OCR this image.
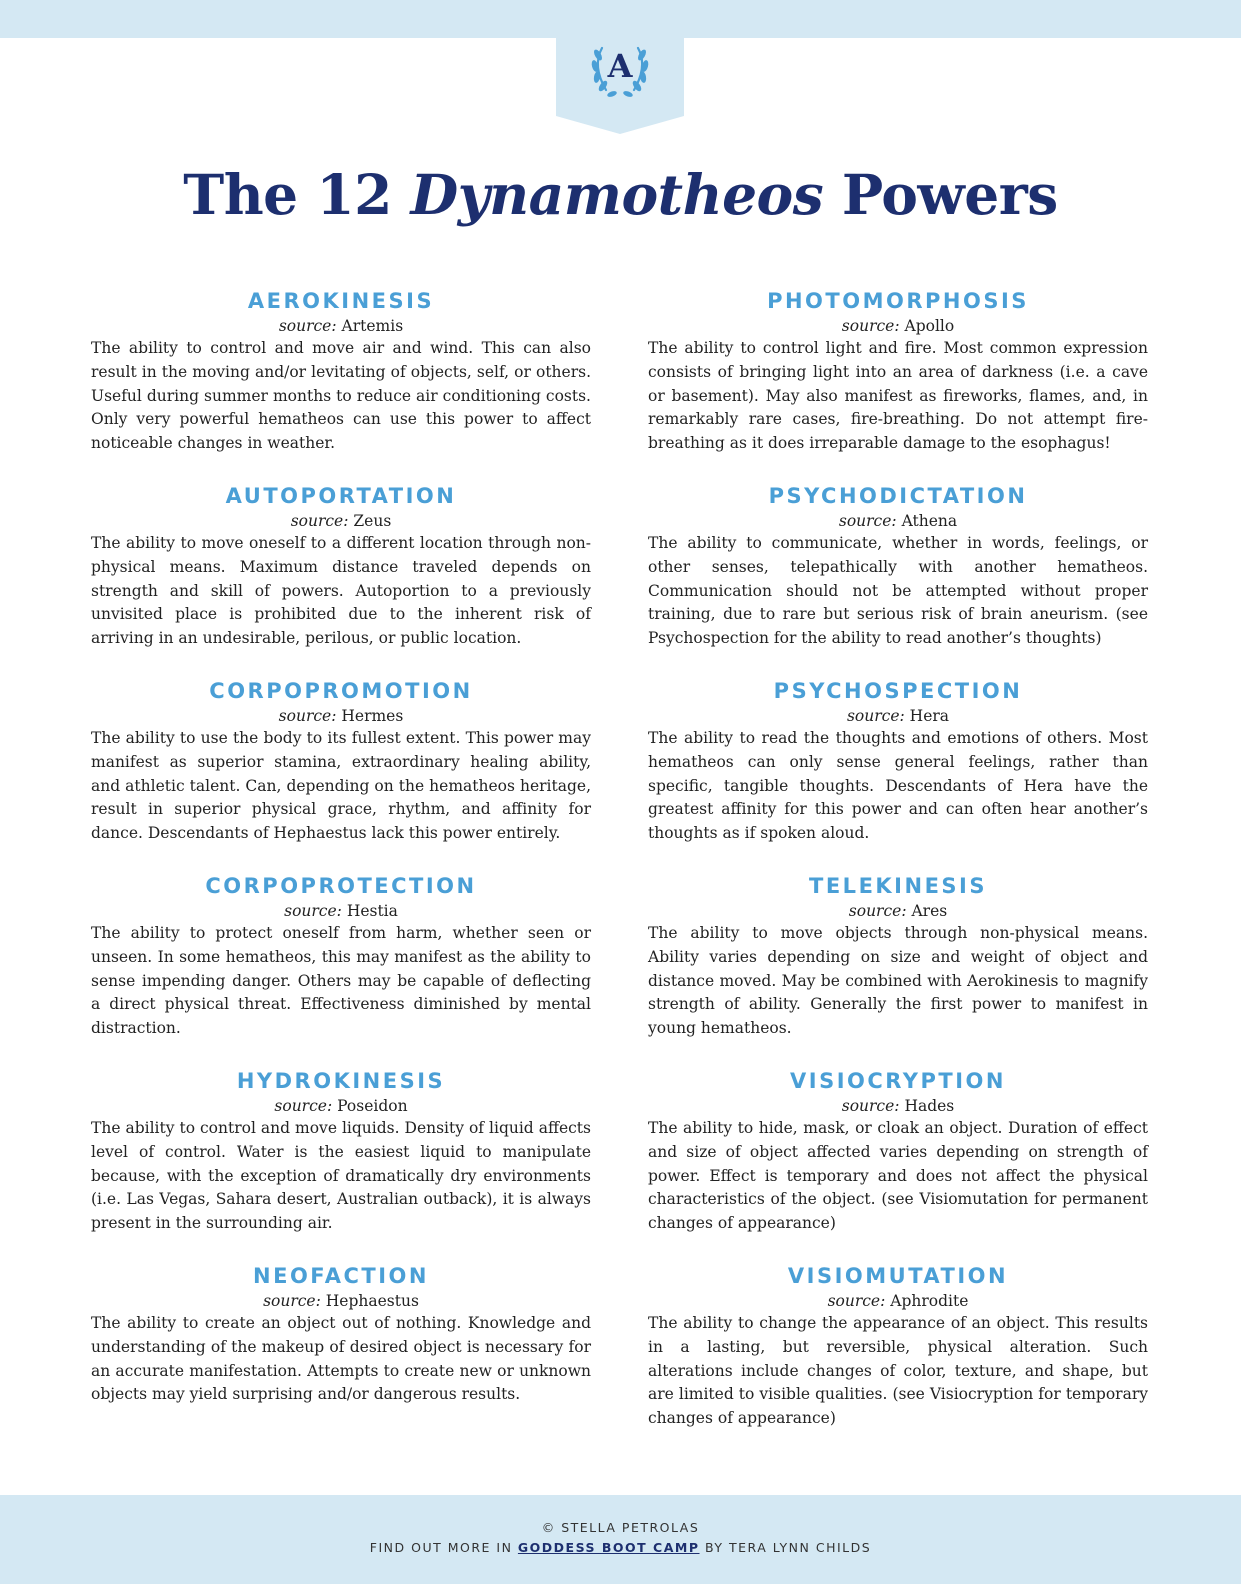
A
The 12 Dynamotheos Powers
AEROKINESIS
source: Artemis

The ability to control and move air and wind. This can also result in the moving and/or levitating of objects, self, or others. Useful during summer months to reduce air conditioning costs. Only very powerful hematheos can use this power to affect noticeable changes in weather.

AUTOPORTATION
source: Zeus

The ability to move oneself to a different location through non-physical means. Maximum distance traveled depends on strength and skill of powers. Autoportion to a previously unvisited place is prohibited due to the inherent risk of arriving in an undesirable, perilous, or public location.

CORPOPROMOTION
source: Hermes

The ability to use the body to its fullest extent. This power may manifest as superior stamina, extraordinary healing ability, and athletic talent. Can, depending on the hematheos heritage, result in superior physical grace, rhythm, and affinity for dance. Descendants of Hephaestus lack this power entirely.

CORPOPROTECTION
source: Hestia

The ability to protect oneself from harm, whether seen or unseen. In some hematheos, this may manifest as the ability to sense impending danger. Others may be capable of deflecting a direct physical threat. Effectiveness diminished by mental distraction.

HYDROKINESIS
source: Poseidon

The ability to control and move liquids. Density of liquid affects level of control. Water is the easiest liquid to manipulate because, with the exception of dramatically dry environments (i.e. Las Vegas, Sahara desert, Australian outback), it is always present in the surrounding air.

NEOFACTION
source: Hephaestus

The ability to create an object out of nothing. Knowledge and understanding of the makeup of desired object is necessary for an accurate manifestation. Attempts to create new or unknown objects may yield surprising and/or dangerous results.

PHOTOMORPHOSIS
source: Apollo

The ability to control light and fire. Most common expression consists of bringing light into an area of darkness (i.e. a cave or basement). May also manifest as fireworks, flames, and, in remarkably rare cases, fire-breathing. Do not attempt fire-breathing as it does irreparable damage to the esophagus!

PSYCHODICTATION
source: Athena

The ability to communicate, whether in words, feelings, or other senses, telepathically with another hematheos. Communication should not be attempted without proper training, due to rare but serious risk of brain aneurism. (see Psychospection for the ability to read another’s thoughts)

PSYCHOSPECTION
source: Hera

The ability to read the thoughts and emotions of others. Most hematheos can only sense general feelings, rather than specific, tangible thoughts. Descendants of Hera have the greatest affinity for this power and can often hear another’s thoughts as if spoken aloud.

TELEKINESIS
source: Ares

The ability to move objects through non-physical means. Ability varies depending on size and weight of object and distance moved. May be combined with Aerokinesis to magnify strength of ability. Generally the first power to manifest in young hematheos.

VISIOCRYPTION
source: Hades

The ability to hide, mask, or cloak an object. Duration of effect and size of object affected varies depending on strength of power. Effect is temporary and does not affect the physical characteristics of the object. (see Visiomutation for permanent changes of appearance)

VISIOMUTATION
source: Aphrodite

The ability to change the appearance of an object. This results in a lasting, but reversible, physical alteration. Such alterations include changes of color, texture, and shape, but are limited to visible qualities. (see Visiocryption for temporary changes of appearance)

© STELLA PETROLAS
FIND OUT MORE IN GODDESS BOOT CAMP BY TERA LYNN CHILDS
